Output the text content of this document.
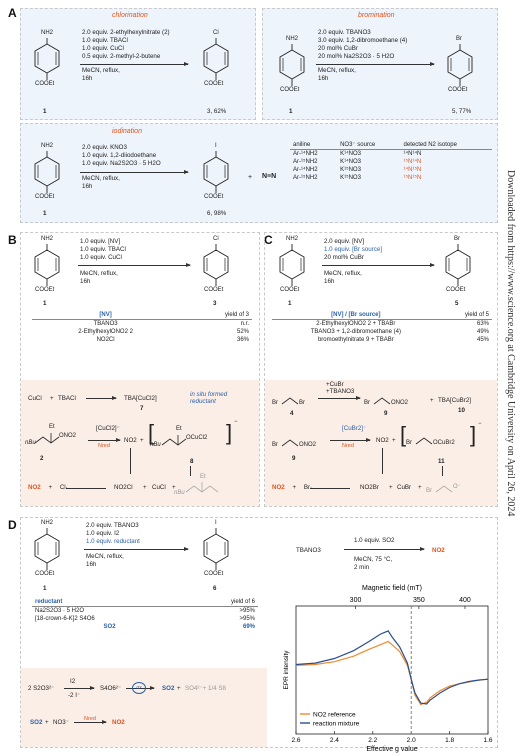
Downloaded from https://www.science.org at Cambridge University on April 26, 2024
A	chlorination
NH2
COOEt
1
2.0 equiv. 2-ethylhexylnitrate (2)
1.0 equiv. TBACl
1.0 equiv. CuCl
0.5 equiv. 2-methyl-2-butene
MeCN, reflux,
16h
Cl
COOEt
3, 62%
bromination
NH2
COOEt
1
2.0 equiv. TBANO3
3.0 equiv. 1,2-dibromoethane (4)
20 mol% CuBr
20 mol% Na2S2O3 · 5 H2O
MeCN, reflux,
16h
Br
COOEt
5, 77%
iodination
NH2
COOEt
1
2.0 equiv. KNO3
1.0 equiv. 1,2-diiodoethane
1.0 equiv. Na2S2O3 · 5 H2O
MeCN, reflux,
16h
I
COOEt
6, 98%
+ N≡N
aniline	NO3⁻ source	detected N2 isotope
Ar-¹⁴NH2	K¹⁴NO3	¹⁴N¹⁴N
Ar-¹⁵NH2	K¹⁴NO3	¹⁵N¹⁴N
Ar-¹⁴NH2	K¹⁵NO3	¹⁴N¹⁵N
Ar-¹⁵NH2	K¹⁵NO3	¹⁵N¹⁵N
B	NH2
COOEt
1
1.0 equiv. [NV]
1.0 equiv. TBACl
1.0 equiv. CuCl
MeCN, reflux,
16h
Cl
COOEt
3
[NV]	yield of 3
TBANO3	n.r.
2-Ethylhexyl​ONO2 2	52%
NO2Cl	36%
CuCl + TBACl	TBA[CuCl2]
7
in situ formed
reductant
Et
nBu
ONO2
2
[CuCl2]⁻
Nred
NO2 + [	Et
nBu
OCuCl2 ] −
8
NO2 + Cl·	NO2Cl + CuCl +
Et
nBu
C NH2
COOEt
1
2.0 equiv. [NV]
1.0 equiv. [Br source]
20 mol% CuBr
MeCN, reflux,
16h
Br
COOEt
5
[NV] / [Br source]	yield of 5
2-EthylhexylONO2 2 + TBABr	63%
TBANO3 + 1,2-dibromoethane (4)	49%
bromoethylnitrate 9 + TBABr	45%
Br	Br
4
+CuBr
+TBANO3
Br	ONO2
9
+ TBA[CuBr2]
10
Br	ONO2
9
[CuBr2]⁻
Nred
NO2 + [ Br	OCuBr2 ] −
11
NO2 + Br·	NO2Br + CuBr + Br
O⁻
D	NH2
COOEt
1
2.0 equiv. TBANO3
1.0 equiv. I2
1.0 equiv. reductant
MeCN, reflux,
16h
I
COOEt
6
reductant	yield of 6
Na2S2O3 · 5 H2O	>95%
[18-crown-6-K]2 S4O6	>95%
SO2	69%
2 S2O3²⁻
I2
-2 I⁻
S4O6²⁻	ox	SO2 + SO4²⁻+ 1/4 S8
SO2 + NO3⁻	Nred	NO2
TBANO3
1.0 equiv. SO2
MeCN, 75 °C,
2 min
NO2
Magnetic field (mT)
300	350	400
2.6	2.4	2.2	2.0	1.8	1.6
Effective g value
EPR intensity
NO2 reference
reaction mixture
